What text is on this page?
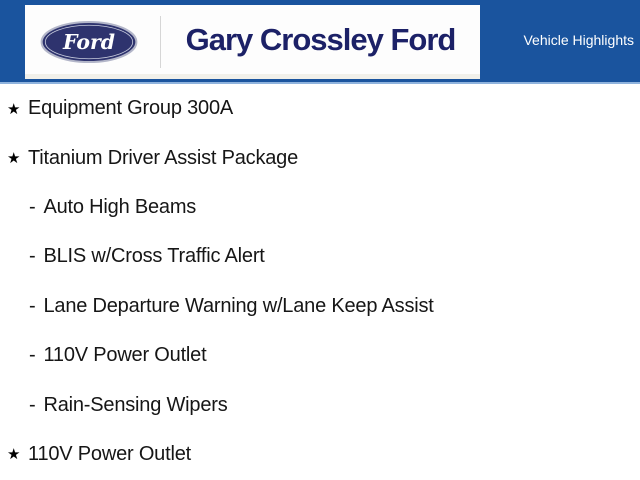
Ford	Gary Crossley Ford	Vehicle Highlights
★ Equipment Group 300A
★ Titanium Driver Assist Package
- Auto High Beams
- BLIS w/Cross Traffic Alert
- Lane Departure Warning w/Lane Keep Assist
- 110V Power Outlet
- Rain-Sensing Wipers
★ 110V Power Outlet
